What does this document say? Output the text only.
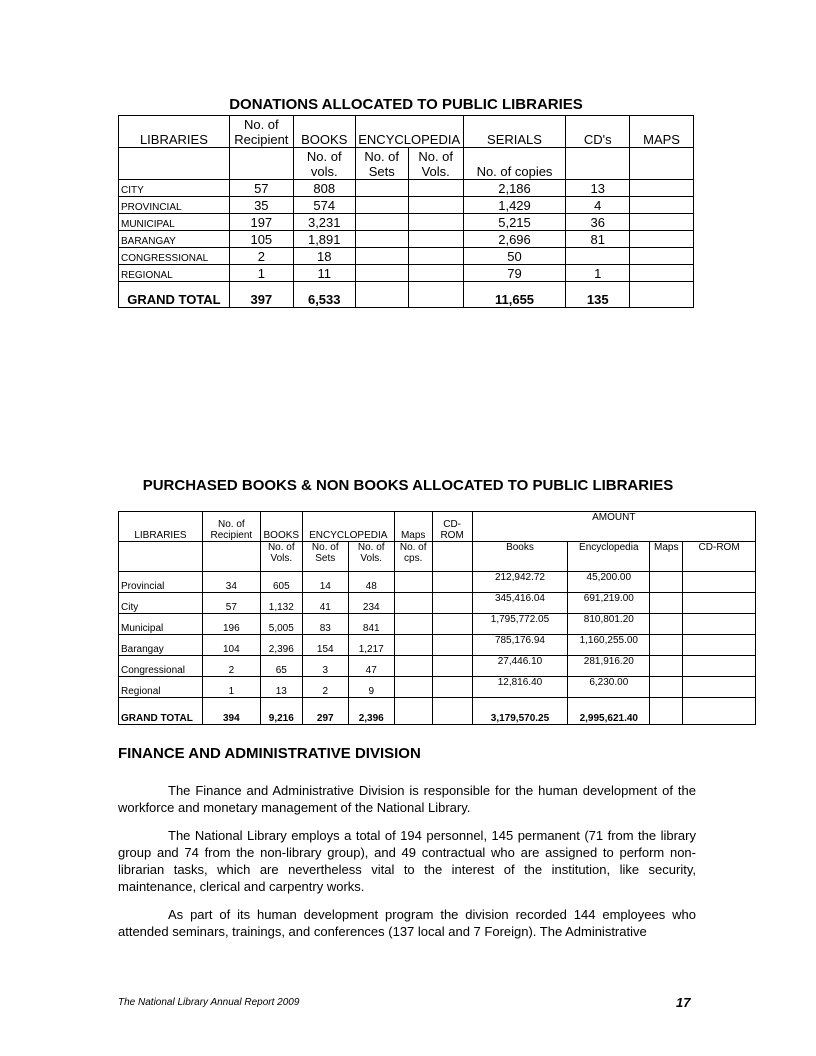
DONATIONS ALLOCATED TO PUBLIC LIBRARIES
LIBRARIES	No. of Recipient	BOOKS	ENCYCLOPEDIA		SERIALS	CD's	MAPS
		No. of vols.	No. of Sets	No. of Vols.	No. of copies		
CITY	57	808			2,186	13	
PROVINCIAL	35	574			1,429	4	
MUNICIPAL	197	3,231			5,215	36	
BARANGAY	105	1,891			2,696	81	
CONGRESSIONAL	2	18			50		
REGIONAL	1	11			79	1	
GRAND TOTAL	397	6,533			11,655	135	
PURCHASED BOOKS & NON BOOKS ALLOCATED TO PUBLIC LIBRARIES
LIBRARIES	No. of Recipient	BOOKS	ENCYCLOPEDIA		Maps	CD-ROM	AMOUNT			
		No. of Vols.	No. of Sets	No. of Vols.	No. of cps.		Books	Encyclopedia	Maps	CD-ROM
Provincial	34	605	14	48			212,942.72	45,200.00		
City	57	1,132	41	234			345,416.04	691,219.00		
Municipal	196	5,005	83	841			1,795,772.05	810,801.20		
Barangay	104	2,396	154	1,217			785,176.94	1,160,255.00		
Congressional	2	65	3	47			27,446.10	281,916.20		
Regional	1	13	2	9			12,816.40	6,230.00		
GRAND TOTAL	394	9,216	297	2,396			3,179,570.25	2,995,621.40		
FINANCE AND ADMINISTRATIVE DIVISION
The Finance and Administrative Division is responsible for the human development of the workforce and monetary management of the National Library.
The National Library employs a total of 194 personnel, 145 permanent (71 from the library group and 74 from the non-library group), and 49 contractual who are assigned to perform non-librarian tasks, which are nevertheless vital to the interest of the institution, like security, maintenance, clerical and carpentry works.
As part of its human development program the division recorded 144 employees who attended seminars, trainings, and conferences (137 local and 7 Foreign). The Administrative
The National Library Annual Report 2009	17
